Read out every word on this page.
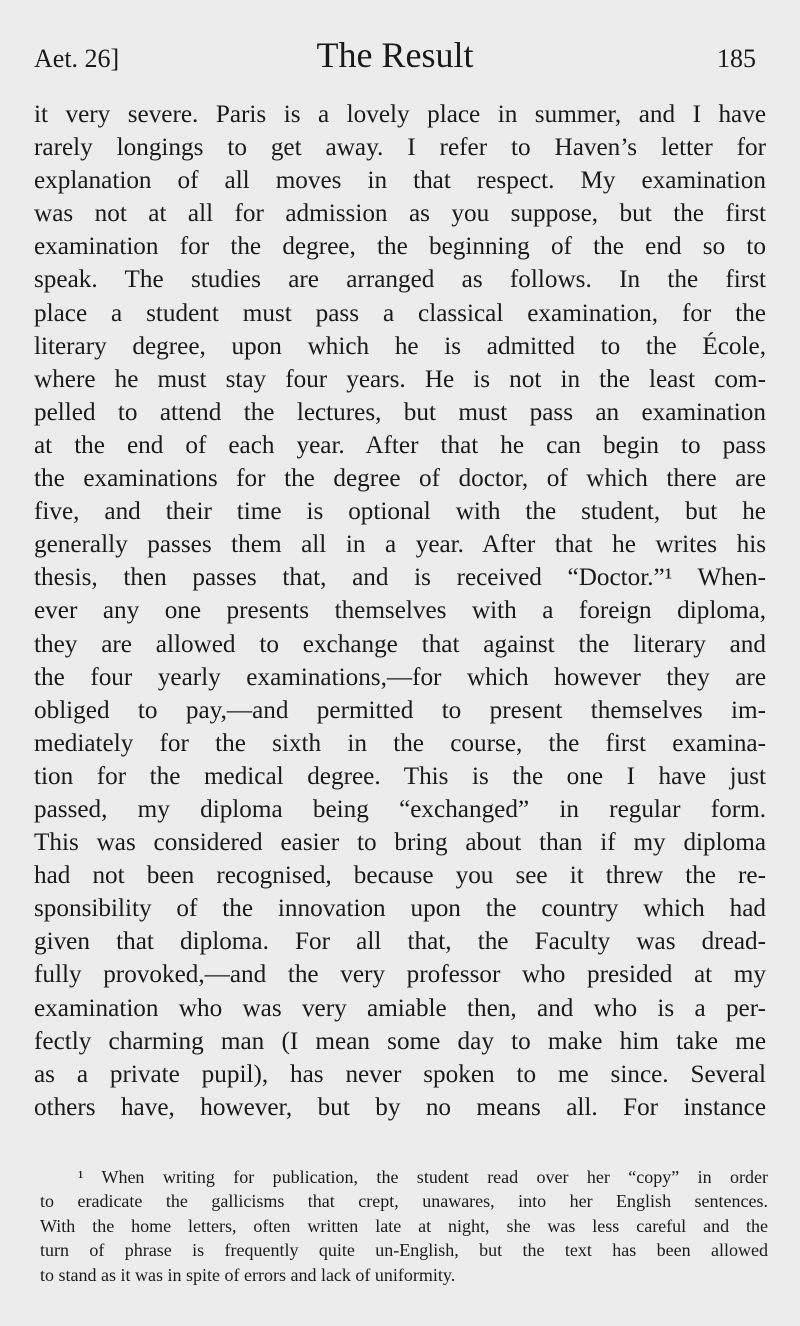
Aet. 26]	The Result	185
it very severe. Paris is a lovely place in summer, and I have
rarely longings to get away. I refer to Haven’s letter for
explanation of all moves in that respect. My examination
was not at all for admission as you suppose, but the first
examination for the degree, the beginning of the end so to
speak. The studies are arranged as follows. In the first
place a student must pass a classical examination, for the
literary degree, upon which he is admitted to the École,
where he must stay four years. He is not in the least com-
pelled to attend the lectures, but must pass an examination
at the end of each year. After that he can begin to pass
the examinations for the degree of doctor, of which there are
five, and their time is optional with the student, but he
generally passes them all in a year. After that he writes his
thesis, then passes that, and is received “Doctor.”¹ When-
ever any one presents themselves with a foreign diploma,
they are allowed to exchange that against the literary and
the four yearly examinations,—for which however they are
obliged to pay,—and permitted to present themselves im-
mediately for the sixth in the course, the first examina-
tion for the medical degree. This is the one I have just
passed, my diploma being “exchanged” in regular form.
This was considered easier to bring about than if my diploma
had not been recognised, because you see it threw the re-
sponsibility of the innovation upon the country which had
given that diploma. For all that, the Faculty was dread-
fully provoked,—and the very professor who presided at my
examination who was very amiable then, and who is a per-
fectly charming man (I mean some day to make him take me
as a private pupil), has never spoken to me since. Several
others have, however, but by no means all. For instance
¹ When writing for publication, the student read over her “copy” in order
to eradicate the gallicisms that crept, unawares, into her English sentences.
With the home letters, often written late at night, she was less careful and the
turn of phrase is frequently quite un-English, but the text has been allowed
to stand as it was in spite of errors and lack of uniformity.
